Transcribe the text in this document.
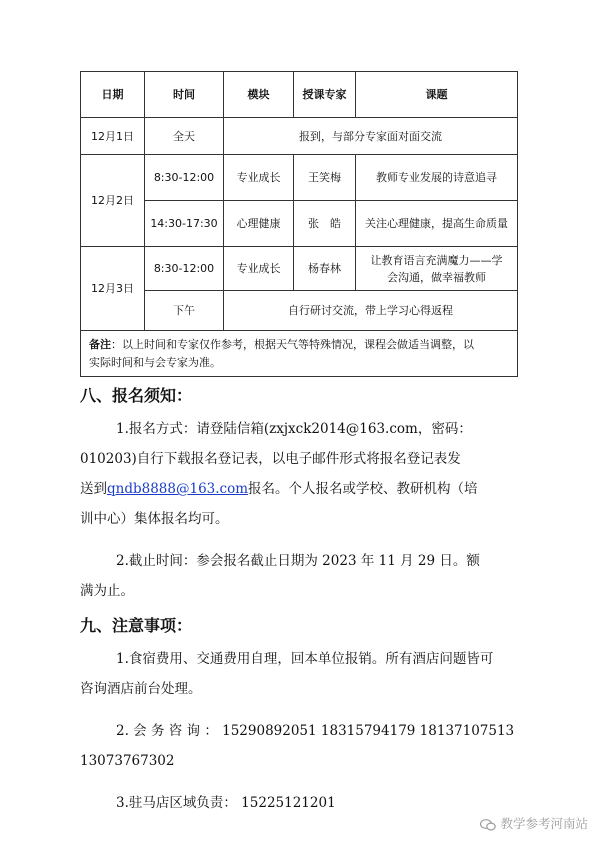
日期	时间	模块	授课专家	课题
12月1日	全天	报到，与部分专家面对面交流		
12月2日	8:30-12:00	专业成长	王笑梅	教师专业发展的诗意追寻
	14:30-17:30	心理健康	张　皓	关注心理健康，提高生命质量
12月3日	8:30-12:00	专业成长	杨春林	让教育语言充满魔力——学
会沟通，做幸福教师
	下午	自行研讨交流，带上学习心得返程		
备注：以上时间和专家仅作参考，根据天气等特殊情况，课程会做适当调整，以
实际时间和与会专家为准。				
八、报名须知：
1.报名方式：请登陆信箱(zxjxck2014@163.com，密码：
010203)自行下载报名登记表，以电子邮件形式将报名登记表发
送到qndb8888@163.com报名。个人报名或学校、教研机构（培
训中心）集体报名均可。
2.截止时间：参会报名截止日期为 2023 年 11 月 29 日。额
满为止。
九、注意事项：
1.食宿费用、交通费用自理，回本单位报销。所有酒店问题皆可
咨询酒店前台处理。
2. 会 务 咨 询 ： 15290892051 18315794179 18137107513
13073767302
3.驻马店区域负责： 15225121201
教学参考河南站
